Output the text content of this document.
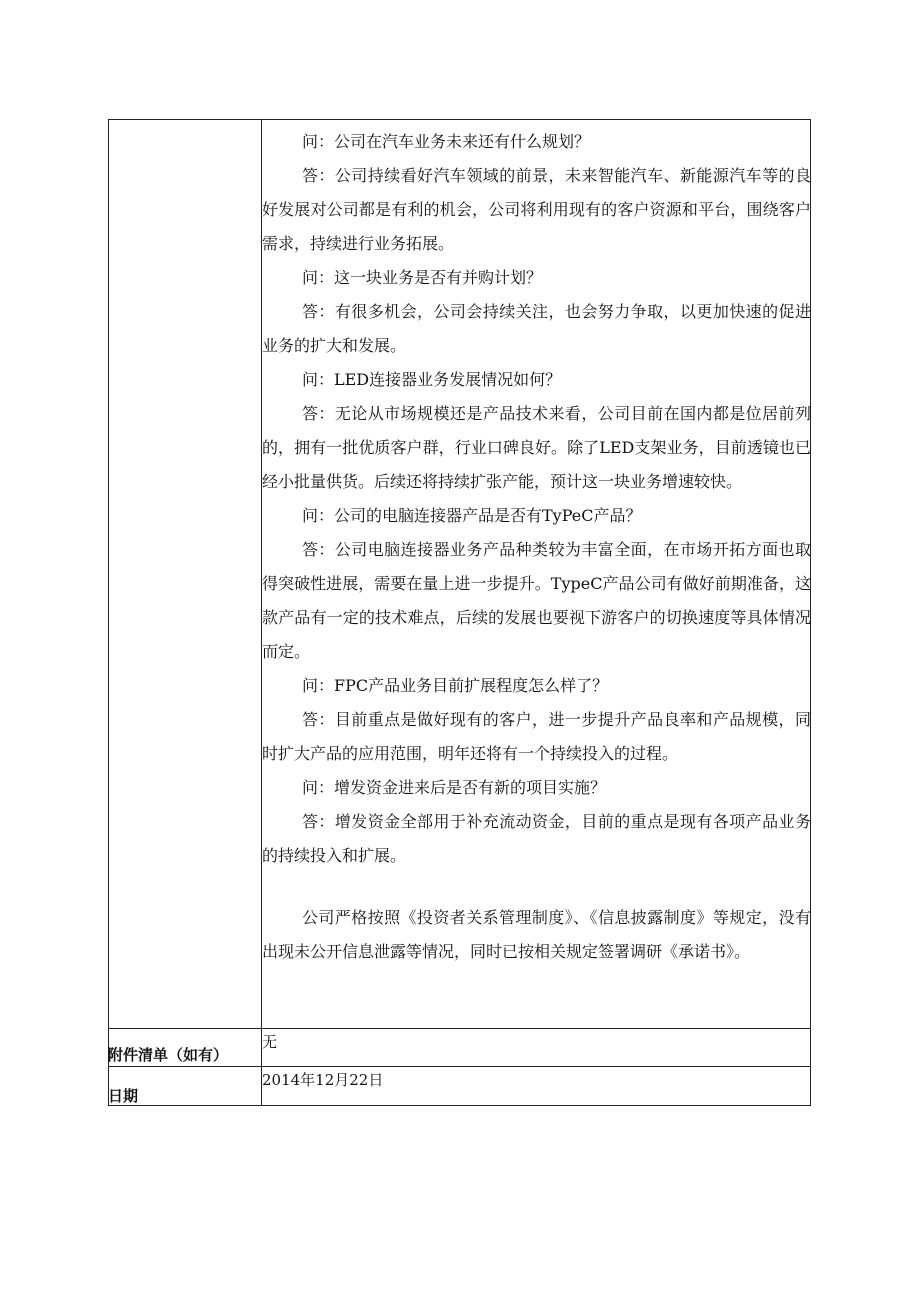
问：公司在汽车业务未来还有什么规划？

答：公司持续看好汽车领域的前景，未来智能汽车、新能源汽车等的良好发展对公司都是有利的机会，公司将利用现有的客户资源和平台，围绕客户需求，持续进行业务拓展。

问：这一块业务是否有并购计划？

答：有很多机会，公司会持续关注，也会努力争取，以更加快速的促进业务的扩大和发展。

问：LED连接器业务发展情况如何？

答：无论从市场规模还是产品技术来看，公司目前在国内都是位居前列的，拥有一批优质客户群，行业口碑良好。除了LED支架业务，目前透镜也已经小批量供货。后续还将持续扩张产能，预计这一块业务增速较快。

问：公司的电脑连接器产品是否有TyPeC产品？

答：公司电脑连接器业务产品种类较为丰富全面，在市场开拓方面也取得突破性进展，需要在量上进一步提升。TypeC产品公司有做好前期准备，这款产品有一定的技术难点，后续的发展也要视下游客户的切换速度等具体情况而定。

问：FPC产品业务目前扩展程度怎么样了？

答：目前重点是做好现有的客户，进一步提升产品良率和产品规模，同时扩大产品的应用范围，明年还将有一个持续投入的过程。

问：增发资金进来后是否有新的项目实施？

答：增发资金全部用于补充流动资金，目前的重点是现有各项产品业务的持续投入和扩展。

公司严格按照《投资者关系管理制度》、《信息披露制度》等规定，没有出现未公开信息泄露等情况，同时已按相关规定签署调研《承诺书》。

附件清单（如有）
无
日期
2014年12月22日
